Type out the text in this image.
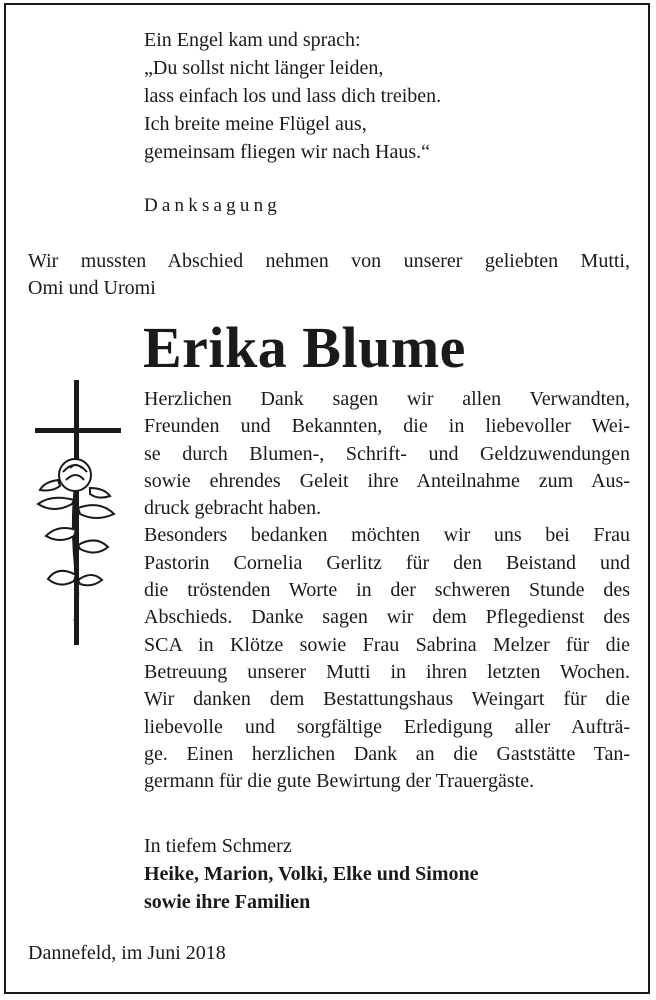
Ein Engel kam und sprach:
„Du sollst nicht länger leiden,
lass einfach los und lass dich treiben.
Ich breite meine Flügel aus,
gemeinsam fliegen wir nach Haus.“
Danksagung
Wir mussten Abschied nehmen von unserer geliebten Mutti,
Omi und Uromi
Erika Blume
Herzlichen Dank sagen wir allen Verwandten,
Freunden und Bekannten, die in liebevoller Wei-
se durch Blumen-, Schrift- und Geldzuwendungen
sowie ehrendes Geleit ihre Anteilnahme zum Aus-
druck gebracht haben.
Besonders bedanken möchten wir uns bei Frau
Pastorin Cornelia Gerlitz für den Beistand und
die tröstenden Worte in der schweren Stunde des
Abschieds. Danke sagen wir dem Pflegedienst des
SCA in Klötze sowie Frau Sabrina Melzer für die
Betreuung unserer Mutti in ihren letzten Wochen.
Wir danken dem Bestattungshaus Weingart für die
liebevolle und sorgfältige Erledigung aller Aufträ-
ge. Einen herzlichen Dank an die Gaststätte Tan-
germann für die gute Bewirtung der Trauergäste.
In tiefem Schmerz
Heike, Marion, Volki, Elke und Simone
sowie ihre Familien
Dannefeld, im Juni 2018
